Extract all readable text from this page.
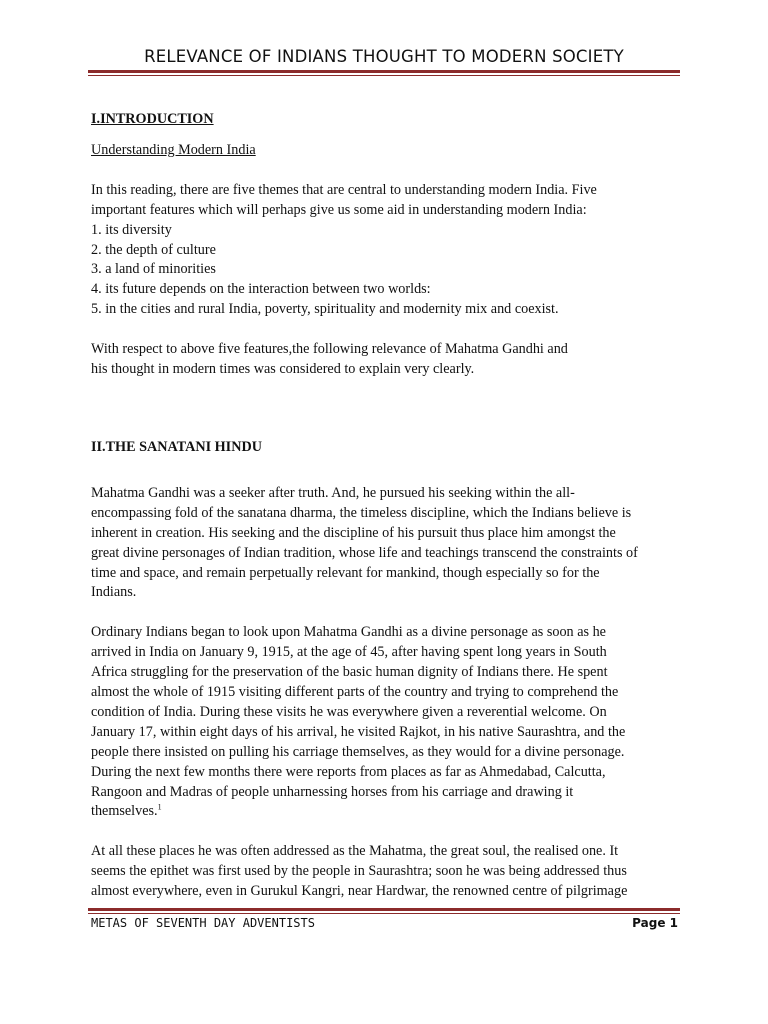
RELEVANCE OF INDIANS THOUGHT TO MODERN SOCIETY

I.INTRODUCTION

Understanding Modern India

In this reading, there are five themes that are central to understanding modern India. Five

important features which will perhaps give us some aid in understanding modern India:

1. its diversity

2. the depth of culture

3. a land of minorities

4. its future depends on the interaction between two worlds:

5. in the cities and rural India, poverty, spirituality and modernity mix and coexist.

With respect to above five features,the following relevance of Mahatma Gandhi and

his thought in modern times was considered to explain very clearly.

II.THE SANATANI HINDU

Mahatma Gandhi was a seeker after truth. And, he pursued his seeking within the all-

encompassing fold of the sanatana dharma, the timeless discipline, which the Indians believe is

inherent in creation. His seeking and the discipline of his pursuit thus place him amongst the

great divine personages of Indian tradition, whose life and teachings transcend the constraints of

time and space, and remain perpetually relevant for mankind, though especially so for the

Indians.

Ordinary Indians began to look upon Mahatma Gandhi as a divine personage as soon as he

arrived in India on January 9, 1915, at the age of 45, after having spent long years in South

Africa struggling for the preservation of the basic human dignity of Indians there. He spent

almost the whole of 1915 visiting different parts of the country and trying to comprehend the

condition of India. During these visits he was everywhere given a reverential welcome. On

January 17, within eight days of his arrival, he visited Rajkot, in his native Saurashtra, and the

people there insisted on pulling his carriage themselves, as they would for a divine personage.

During the next few months there were reports from places as far as Ahmedabad, Calcutta,

Rangoon and Madras of people unharnessing horses from his carriage and drawing it

themselves.$^1$

At all these places he was often addressed as the Mahatma, the great soul, the realised one. It

seems the epithet was first used by the people in Saurashtra; soon he was being addressed thus

almost everywhere, even in Gurukul Kangri, near Hardwar, the renowned centre of pilgrimage

METAS OF SEVENTH DAY ADVENTISTS	Page 1
